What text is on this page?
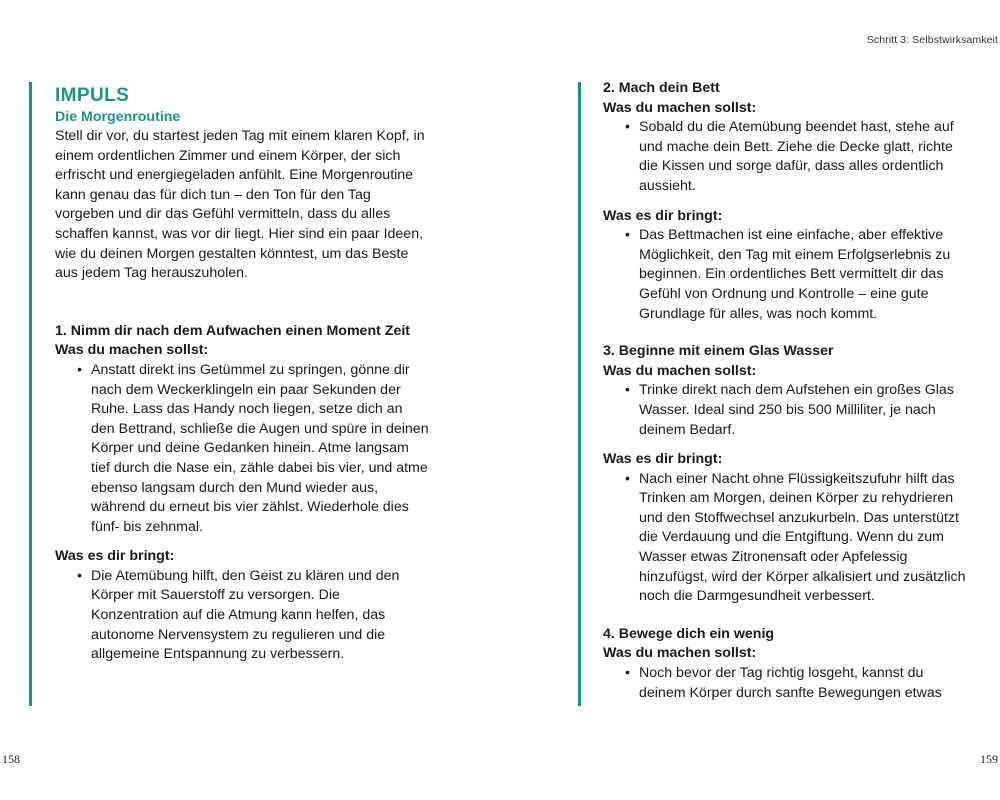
IMPULS
Die Morgenroutine

Stell dir vor, du startest jeden Tag mit einem klaren Kopf, in einem ordentlichen Zimmer und einem Körper, der sich erfrischt und energiegeladen anfühlt. Eine Morgenroutine kann genau das für dich tun – den Ton für den Tag vorgeben und dir das Gefühl vermitteln, dass du alles schaffen kannst, was vor dir liegt. Hier sind ein paar Ideen, wie du deinen Morgen gestalten könntest, um das Beste aus jedem Tag herauszuholen.

1. Nimm dir nach dem Aufwachen einen Moment Zeit

Was du machen sollst:

• Anstatt direkt ins Getümmel zu springen, gönne dir nach dem Weckerklingeln ein paar Sekunden der Ruhe. Lass das Handy noch liegen, setze dich an den Bettrand, schließe die Augen und spüre in deinen Körper und deine Gedanken hinein. Atme langsam tief durch die Nase ein, zähle dabei bis vier, und atme ebenso langsam durch den Mund wieder aus, während du erneut bis vier zählst. Wiederhole dies fünf- bis zehnmal.

Was es dir bringt:

• Die Atemübung hilft, den Geist zu klären und den Körper mit Sauerstoff zu versorgen. Die Konzentration auf die Atmung kann helfen, das autonome Nervensystem zu regulieren und die allgemeine Entspannung zu verbessern.
158
Schritt 3: Selbstwirksamkeit
159

2. Mach dein Bett

Was du machen sollst:

• Sobald du die Atemübung beendet hast, stehe auf und mache dein Bett. Ziehe die Decke glatt, richte die Kissen und sorge dafür, dass alles ordentlich aussieht.

Was es dir bringt:

• Das Bettmachen ist eine einfache, aber effektive Möglichkeit, den Tag mit einem Erfolgserlebnis zu beginnen. Ein ordentliches Bett vermittelt dir das Gefühl von Ordnung und Kontrolle – eine gute Grundlage für alles, was noch kommt.

3. Beginne mit einem Glas Wasser

Was du machen sollst:

• Trinke direkt nach dem Aufstehen ein großes Glas Wasser. Ideal sind 250 bis 500 Milliliter, je nach deinem Bedarf.

Was es dir bringt:

• Nach einer Nacht ohne Flüssigkeitszufuhr hilft das Trinken am Morgen, deinen Körper zu rehydrieren und den Stoffwechsel anzukurbeln. Das unterstützt die Verdauung und die Entgiftung. Wenn du zum Wasser etwas Zitronensaft oder Apfelessig hinzufügst, wird der Körper alkalisiert und zusätzlich noch die Darmgesundheit verbessert.

4. Bewege dich ein wenig

Was du machen sollst:

• Noch bevor der Tag richtig losgeht, kannst du deinem Körper durch sanfte Bewegungen etwas
